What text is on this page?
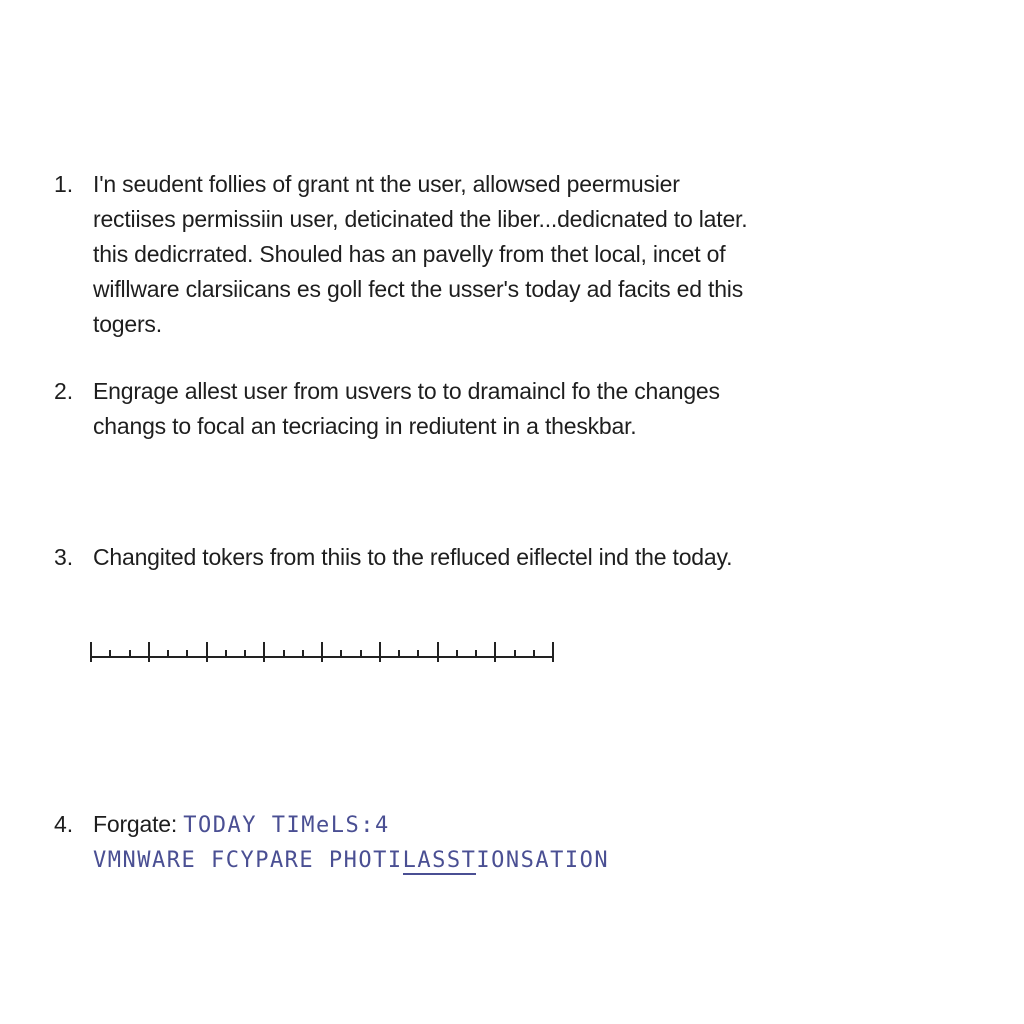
1. I'n seudent follies of grant nt the user, allowsed peermusier
rectiises permissiin user, deticinated the liber...dedicnated to later.
this dedicrrated. Shouled has an pavelly from thet local, incet of
wifllware clarsiicans es goll fect the usser's today ad facits ed this
togers.
2. Engrage allest user from usvers to to dramaincl fo the changes
changs to focal an tecriacing in rediutent in a theskbar.
3. Changited tokers from thiis to the refluced eiflectel ind the today.
4. Forgate: TODAY TIMeLS:4
VMNWARE FCYPARE PHOTILASSTIONSATION
